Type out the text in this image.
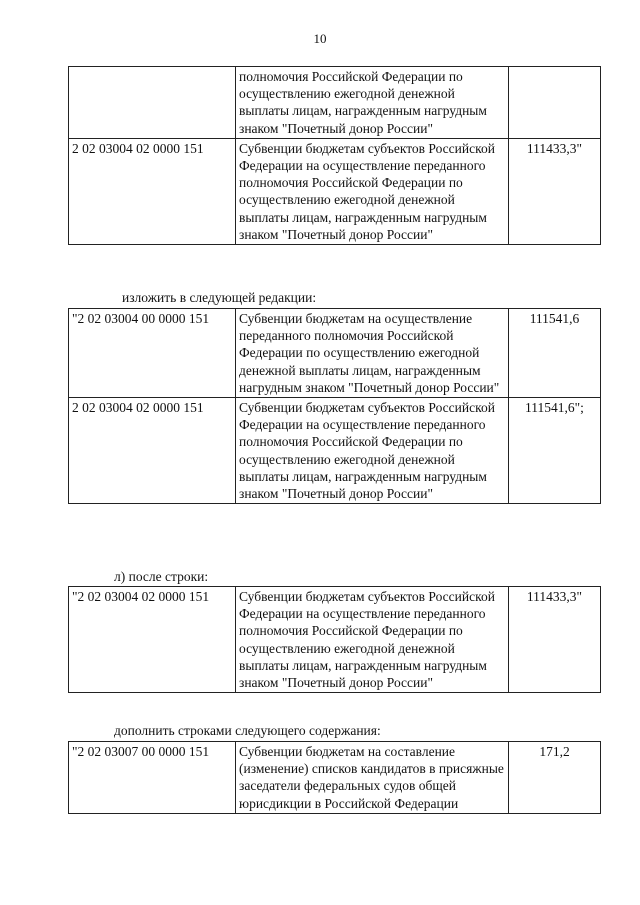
10
	полномочия Российской Федерации по осуществлению ежегодной денежной выплаты лицам, награжденным нагрудным знаком "Почетный донор России"	
2 02 03004 02 0000 151	Субвенции бюджетам субъектов Российской Федерации на осуществление переданного полномочия Российской Федерации по осуществлению ежегодной денежной выплаты лицам, награжденным нагрудным знаком "Почетный донор России"	111433,3"
изложить в следующей редакции:
"2 02 03004 00 0000 151	Субвенции бюджетам на осуществление переданного полномочия Российской Федерации по осуществлению ежегодной денежной выплаты лицам, награжденным нагрудным знаком "Почетный донор России"	111541,6
2 02 03004 02 0000 151	Субвенции бюджетам субъектов Российской Федерации на осуществление переданного полномочия Российской Федерации по осуществлению ежегодной денежной выплаты лицам, награжденным нагрудным знаком "Почетный донор России"	111541,6";
л) после строки:
"2 02 03004 02 0000 151	Субвенции бюджетам субъектов Российской Федерации на осуществление переданного полномочия Российской Федерации по осуществлению ежегодной денежной выплаты лицам, награжденным нагрудным знаком "Почетный донор России"	111433,3"
дополнить строками следующего содержания:
"2 02 03007 00 0000 151	Субвенции бюджетам на составление (изменение) списков кандидатов в присяжные заседатели федеральных судов общей юрисдикции в Российской Федерации	171,2
